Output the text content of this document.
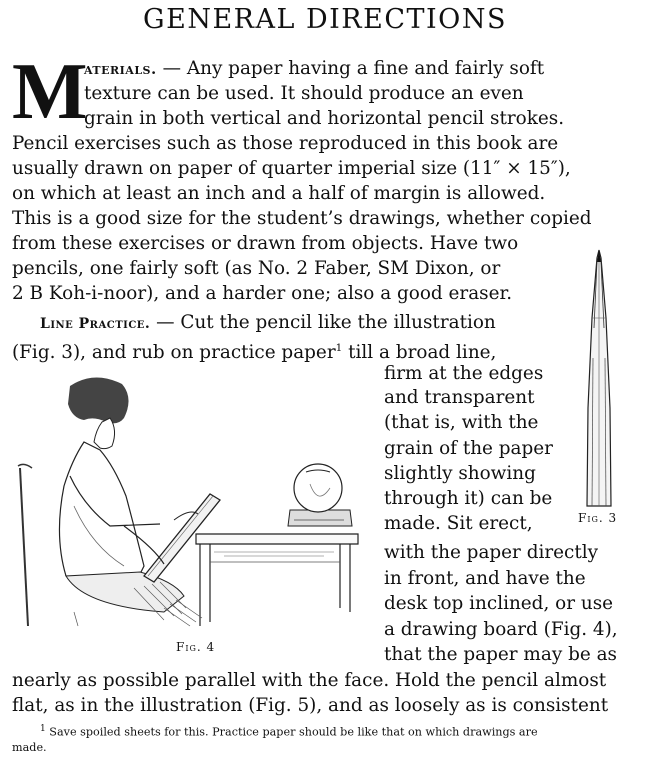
GENERAL DIRECTIONS
M
aterials. — Any paper having a fine and fairly soft
texture can be used. It should produce an even
grain in both vertical and horizontal pencil strokes.
Pencil exercises such as those reproduced in this book are
usually drawn on paper of quarter imperial size (11″ × 15″),
on which at least an inch and a half of margin is allowed.
This is a good size for the student’s drawings, whether copied
from these exercises or drawn from objects. Have two
pencils, one fairly soft (as No. 2 Faber, SM Dixon, or
2 B Koh-i-noor), and a harder one; also a good eraser.
Line Practice. — Cut the pencil like the illustration
(Fig. 3), and rub on practice paper$^1$ till a broad line,
firm at the edges
and transparent
(that is, with the
grain of the paper
slightly showing
through it) can be
made. Sit erect,
with the paper directly
in front, and have the
desk top inclined, or use
a drawing board (Fig. 4),
that the paper may be as
nearly as possible parallel with the face. Hold the pencil almost
flat, as in the illustration (Fig. 5), and as loosely as is consistent
Fig. 3
Fig. 4
$^1$ Save spoiled sheets for this. Practice paper should be like that on which drawings are
made.
